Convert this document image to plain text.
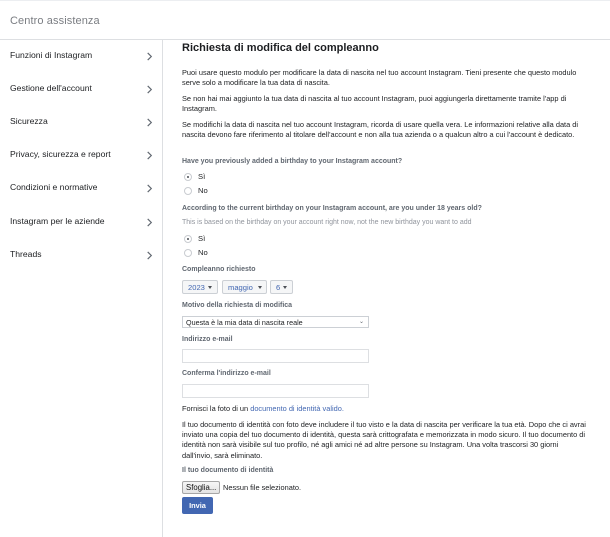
Centro assistenza
Funzioni di Instagram
Gestione dell'account
Sicurezza
Privacy, sicurezza e report
Condizioni e normative
Instagram per le aziende
Threads
Richiesta di modifica del compleanno

Puoi usare questo modulo per modificare la data di nascita nel tuo account Instagram. Tieni presente che questo modulo serve solo a modificare la tua data di nascita.

Se non hai mai aggiunto la tua data di nascita al tuo account Instagram, puoi aggiungerla direttamente tramite l'app di Instagram.

Se modifichi la data di nascita nel tuo account Instagram, ricorda di usare quella vera. Le informazioni relative alla data di nascita devono fare riferimento al titolare dell'account e non alla tua azienda o a qualcun altro a cui l'account è dedicato.

Have you previously added a birthday to your Instagram account?
Sì
No
According to the current birthday on your Instagram account, are you under 18 years old?
This is based on the birthday on your account right now, not the new birthday you want to add
Sì
No
Compleanno richiesto
2023	maggio	6
Motivo della richiesta di modifica
Questa è la mia data di nascita reale	⌄
Indirizzo e-mail
Conferma l'indirizzo e-mail

Fornisci la foto di un documento di identità valido.

Il tuo documento di identità con foto deve includere il tuo visto e la data di nascita per verificare la tua età. Dopo che ci avrai inviato una copia del tuo documento di identità, questa sarà crittografata e memorizzata in modo sicuro. Il tuo documento di identità non sarà visibile sul tuo profilo, né agli amici né ad altre persone su Instagram. Una volta trascorsi 30 giorni dall'invio, sarà eliminato.

Il tuo documento di identità
Sfoglia... Nessun file selezionato.
Invia
